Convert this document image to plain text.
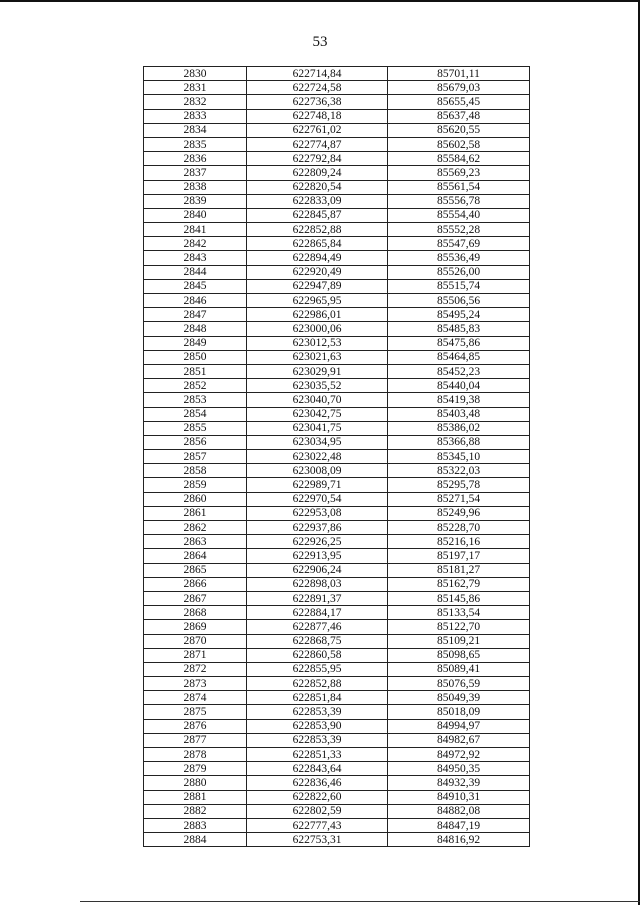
53
2830	622714,84	85701,11
2831	622724,58	85679,03
2832	622736,38	85655,45
2833	622748,18	85637,48
2834	622761,02	85620,55
2835	622774,87	85602,58
2836	622792,84	85584,62
2837	622809,24	85569,23
2838	622820,54	85561,54
2839	622833,09	85556,78
2840	622845,87	85554,40
2841	622852,88	85552,28
2842	622865,84	85547,69
2843	622894,49	85536,49
2844	622920,49	85526,00
2845	622947,89	85515,74
2846	622965,95	85506,56
2847	622986,01	85495,24
2848	623000,06	85485,83
2849	623012,53	85475,86
2850	623021,63	85464,85
2851	623029,91	85452,23
2852	623035,52	85440,04
2853	623040,70	85419,38
2854	623042,75	85403,48
2855	623041,75	85386,02
2856	623034,95	85366,88
2857	623022,48	85345,10
2858	623008,09	85322,03
2859	622989,71	85295,78
2860	622970,54	85271,54
2861	622953,08	85249,96
2862	622937,86	85228,70
2863	622926,25	85216,16
2864	622913,95	85197,17
2865	622906,24	85181,27
2866	622898,03	85162,79
2867	622891,37	85145,86
2868	622884,17	85133,54
2869	622877,46	85122,70
2870	622868,75	85109,21
2871	622860,58	85098,65
2872	622855,95	85089,41
2873	622852,88	85076,59
2874	622851,84	85049,39
2875	622853,39	85018,09
2876	622853,90	84994,97
2877	622853,39	84982,67
2878	622851,33	84972,92
2879	622843,64	84950,35
2880	622836,46	84932,39
2881	622822,60	84910,31
2882	622802,59	84882,08
2883	622777,43	84847,19
2884	622753,31	84816,92
